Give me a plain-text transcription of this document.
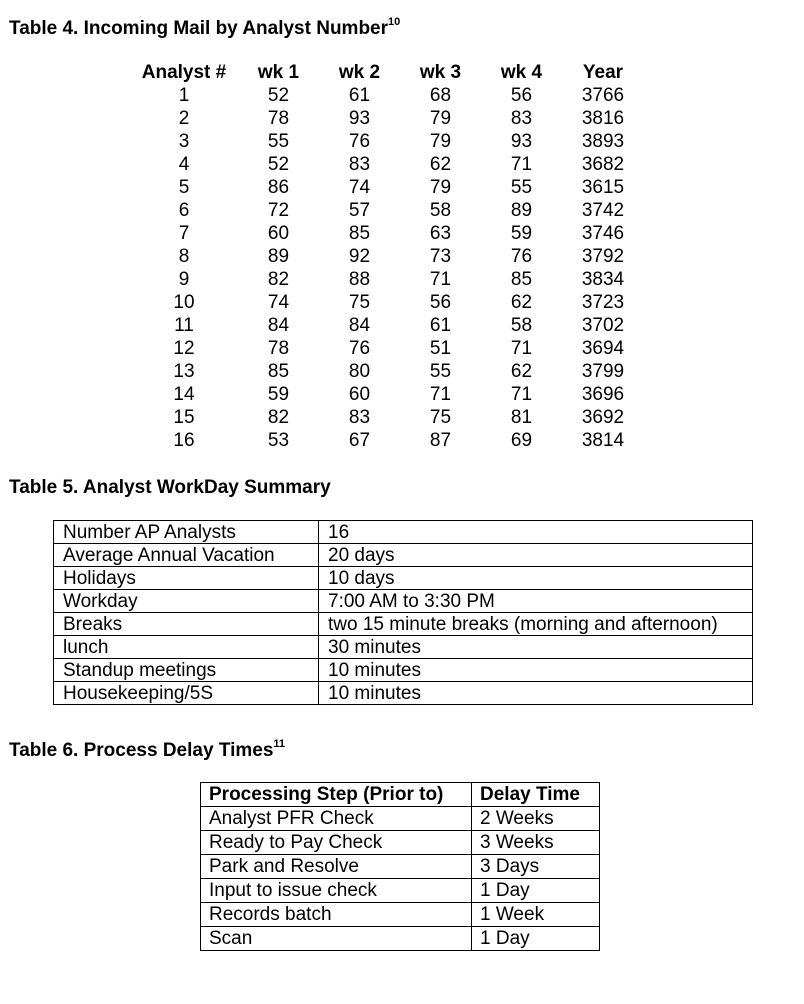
Table 4. Incoming Mail by Analyst Number$^{10}$
Analyst #	wk 1	wk 2	wk 3	wk 4	Year
1	52	61	68	56	3766
2	78	93	79	83	3816
3	55	76	79	93	3893
4	52	83	62	71	3682
5	86	74	79	55	3615
6	72	57	58	89	3742
7	60	85	63	59	3746
8	89	92	73	76	3792
9	82	88	71	85	3834
10	74	75	56	62	3723
11	84	84	61	58	3702
12	78	76	51	71	3694
13	85	80	55	62	3799
14	59	60	71	71	3696
15	82	83	75	81	3692
16	53	67	87	69	3814
Table 5. Analyst WorkDay Summary
Number AP Analysts	16
Average Annual Vacation	20 days
Holidays	10 days
Workday	7:00 AM to 3:30 PM
Breaks	two 15 minute breaks (morning and afternoon)
lunch	30 minutes
Standup meetings	10 minutes
Housekeeping/5S	10 minutes
Table 6. Process Delay Times$^{11}$
Processing Step (Prior to)	Delay Time
Analyst PFR Check	2 Weeks
Ready to Pay Check	3 Weeks
Park and Resolve	3 Days
Input to issue check	1 Day
Records batch	1 Week
Scan	1 Day
